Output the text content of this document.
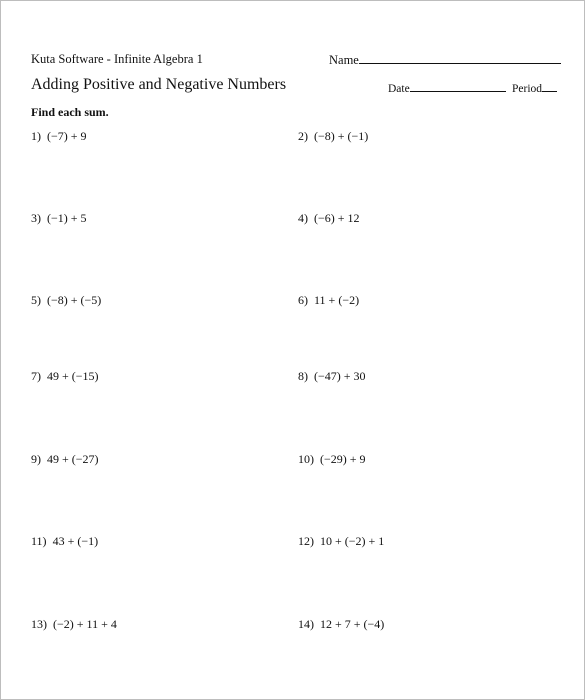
Kuta Software - Infinite Algebra 1	Name
Adding Positive and Negative Numbers	Date	Period
Find each sum.
1) (−7) + 9	2) (−8) + (−1)
3) (−1) + 5	4) (−6) + 12
5) (−8) + (−5)	6) 11 + (−2)
7) 49 + (−15)	8) (−47) + 30
9) 49 + (−27)	10) (−29) + 9
11) 43 + (−1)	12) 10 + (−2) + 1
13) (−2) + 11 + 4	14) 12 + 7 + (−4)
